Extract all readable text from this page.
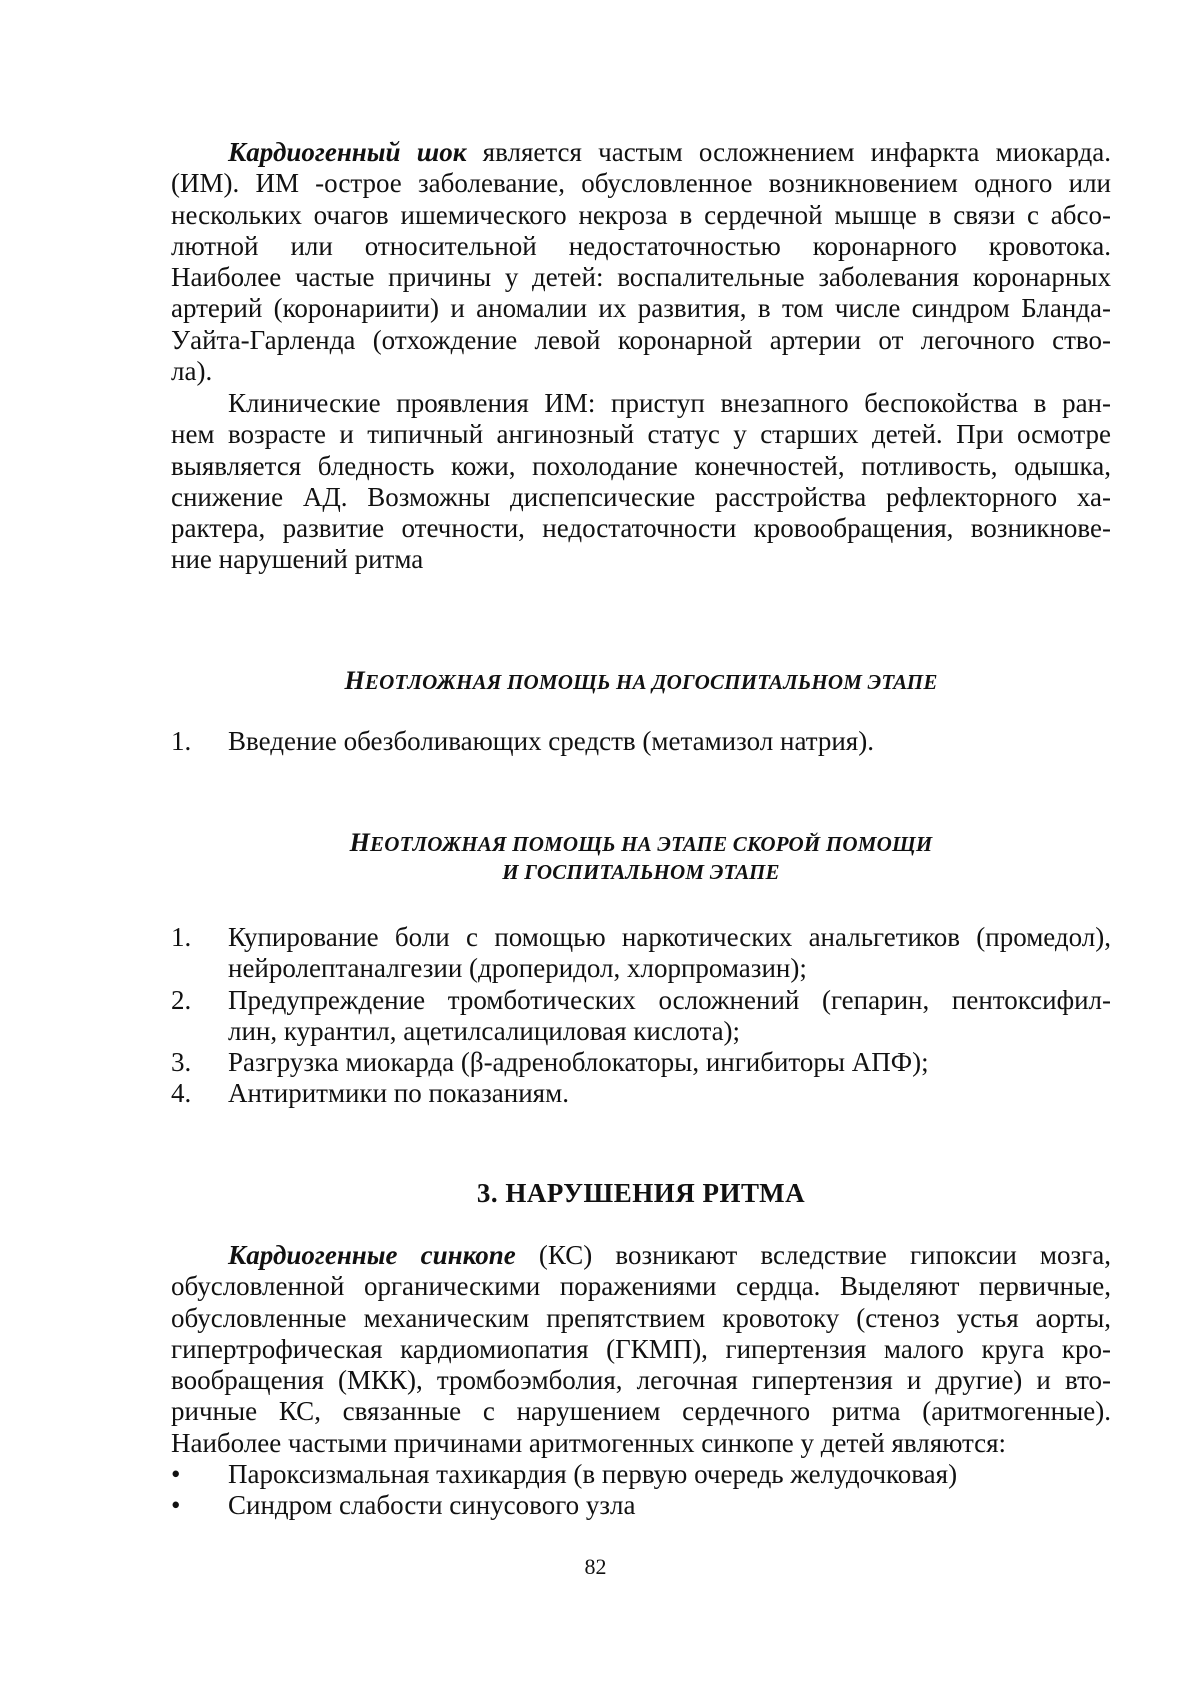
Кардиогенный шок является частым осложнением инфаркта миокарда.
(ИМ). ИМ -острое заболевание, обусловленное возникновением одного или
нескольких очагов ишемического некроза в сердечной мышце в связи с абсо-
лютной или относительной недостаточностью коронарного кровотока.
Наиболее частые причины у детей: воспалительные заболевания коронарных
артерий (коронариити) и аномалии их развития, в том числе синдром Бланда-
Уайта-Гарленда (отхождение левой коронарной артерии от легочного ство-
ла).
Клинические проявления ИМ: приступ внезапного беспокойства в ран-
нем возрасте и типичный ангинозный статус у старших детей. При осмотре
выявляется бледность кожи, похолодание конечностей, потливость, одышка,
снижение АД. Возможны диспепсические расстройства рефлекторного ха-
рактера, развитие отечности, недостаточности кровообращения, возникнове-
ние нарушений ритма
НЕОТЛОЖНАЯ ПОМОЩЬ НА ДОГОСПИТАЛЬНОМ ЭТАПЕ
1. Введение обезболивающих средств (метамизол натрия).
НЕОТЛОЖНАЯ ПОМОЩЬ НА ЭТАПЕ СКОРОЙ ПОМОЩИ
И ГОСПИТАЛЬНОМ ЭТАПЕ
1. Купирование боли с помощью наркотических анальгетиков (промедол),
нейролептаналгезии (дроперидол, хлорпромазин);
2. Предупреждение тромботических осложнений (гепарин, пентоксифил-
лин, курантил, ацетилсалициловая кислота);
3. Разгрузка миокарда (β-адреноблокаторы, ингибиторы АПФ);
4. Антиритмики по показаниям.
3. НАРУШЕНИЯ РИТМА
Кардиогенные синкопе (КС) возникают вследствие гипоксии мозга,
обусловленной органическими поражениями сердца. Выделяют первичные,
обусловленные механическим препятствием кровотоку (стеноз устья аорты,
гипертрофическая кардиомиопатия (ГКМП), гипертензия малого круга кро-
вообращения (МКК), тромбоэмболия, легочная гипертензия и другие) и вто-
ричные КС, связанные с нарушением сердечного ритма (аритмогенные).
Наиболее частыми причинами аритмогенных синкопе у детей являются:
• Пароксизмальная тахикардия (в первую очередь желудочковая)
• Синдром слабости синусового узла
82
